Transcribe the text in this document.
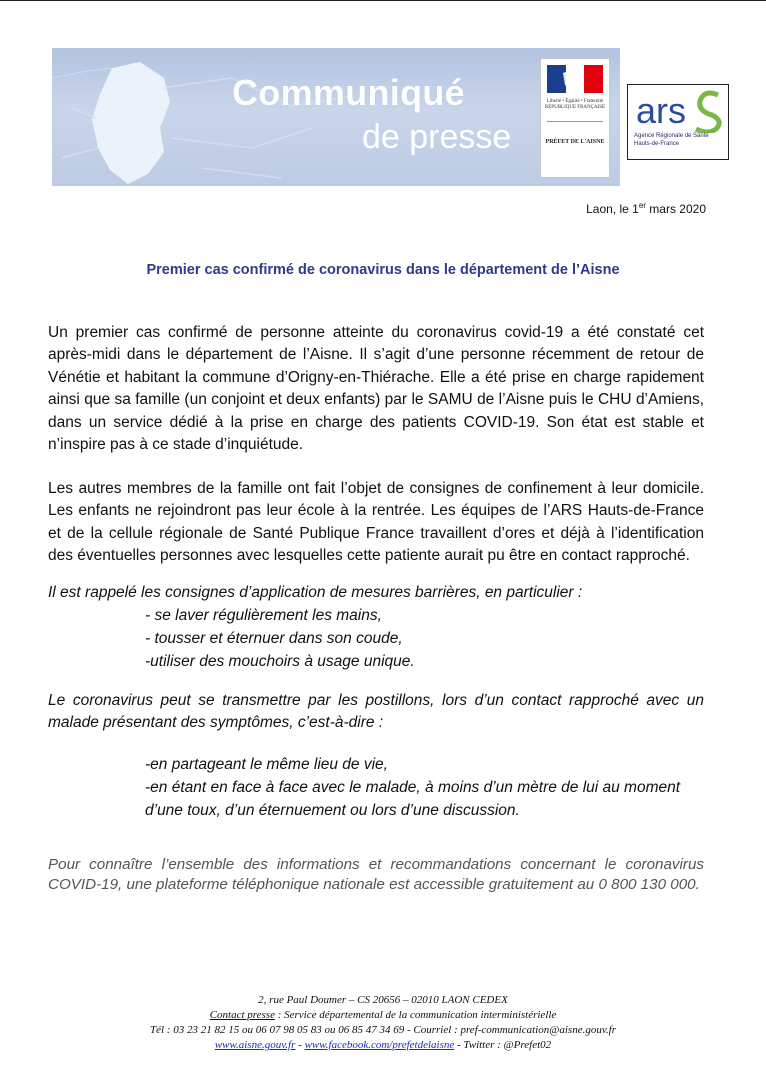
Communiqué
de presse
Liberté • Égalité • Fraternité
RÉPUBLIQUE FRANÇAISE
PRÉFET DE L'AISNE
ars
Agence Régionale de Santé
Hauts-de-France
Laon, le 1er mars 2020
Premier cas confirmé de coronavirus dans le département de l’Aisne

Un premier cas confirmé de personne atteinte du coronavirus covid-19 a été constaté cet après-midi dans le département de l’Aisne. Il s’agit d’une personne récemment de retour de Vénétie et habitant la commune d’Origny-en-Thiérache. Elle a été prise en charge rapidement ainsi que sa famille (un conjoint et deux enfants) par le SAMU de l’Aisne puis le CHU d’Amiens, dans un service dédié à la prise en charge des patients COVID-19. Son état est stable et n’inspire pas à ce stade d’inquiétude.

Les autres membres de la famille ont fait l’objet de consignes de confinement à leur domicile. Les enfants ne rejoindront pas leur école à la rentrée. Les équipes de l’ARS Hauts-de-France et de la cellule régionale de Santé Publique France travaillent d’ores et déjà à l’identification des éventuelles personnes avec lesquelles cette patiente aurait pu être en contact rapproché.

Il est rappelé les consignes d’application de mesures barrières, en particulier :

- se laver régulièrement les mains,
- tousser et éternuer dans son coude,
-utiliser des mouchoirs à usage unique.

Le coronavirus peut se transmettre par les postillons, lors d’un contact rapproché avec un malade présentant des symptômes, c’est-à-dire :

-en partageant le même lieu de vie,
-en étant en face à face avec le malade, à moins d’un mètre de lui au moment d’une toux, d’un éternuement ou lors d’une discussion.

Pour connaître l’ensemble des informations et recommandations concernant le coronavirus COVID-19, une plateforme téléphonique nationale est accessible gratuitement au 0 800 130 000.

2, rue Paul Doumer – CS 20656 – 02010 LAON CEDEX
Contact presse : Service départemental de la communication interministérielle
Tél : 03 23 21 82 15 ou 06 07 98 05 83 ou 06 85 47 34 69 - Courriel : pref-communication@aisne.gouv.fr
www.aisne.gouv.fr - www.facebook.com/prefetdelaisne - Twitter : @Prefet02
